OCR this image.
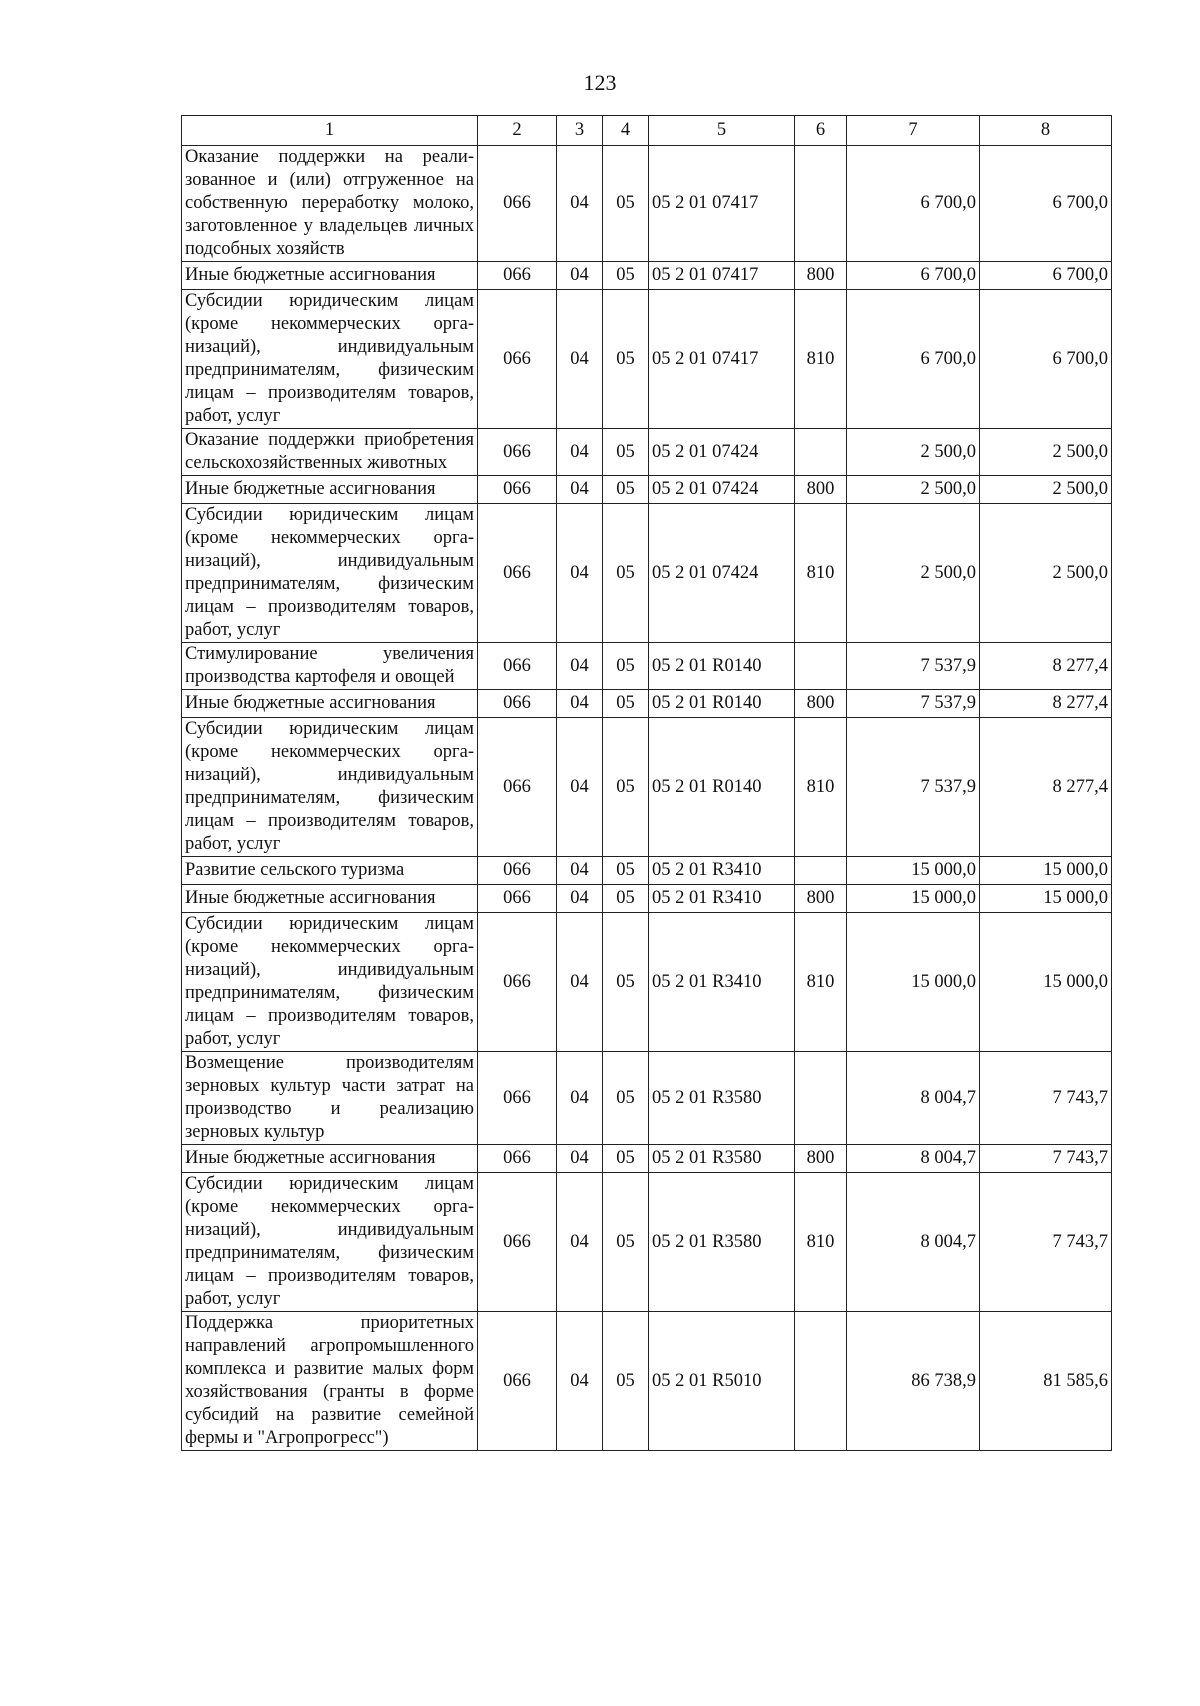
123
1	2	3	4	5	6	7	8
Оказание поддержки на реализованное и (или) отгруженное на собственную переработку молоко, заготовленное у владельцев личных подсобных хозяйств	066	04	05	05 2 01 07417		6 700,0	6 700,0
Иные бюджетные ассигнования	066	04	05	05 2 01 07417	800	6 700,0	6 700,0
Субсидии юридическим лицам (кроме некоммерческих организаций), индивидуальным предпринимателям, физическим лицам – производителям товаров, работ, услуг	066	04	05	05 2 01 07417	810	6 700,0	6 700,0
Оказание поддержки приобретения сельскохозяйственных животных	066	04	05	05 2 01 07424		2 500,0	2 500,0
Иные бюджетные ассигнования	066	04	05	05 2 01 07424	800	2 500,0	2 500,0
Субсидии юридическим лицам (кроме некоммерческих организаций), индивидуальным предпринимателям, физическим лицам – производителям товаров, работ, услуг	066	04	05	05 2 01 07424	810	2 500,0	2 500,0
Стимулирование увеличения производства картофеля и овощей	066	04	05	05 2 01 R0140		7 537,9	8 277,4
Иные бюджетные ассигнования	066	04	05	05 2 01 R0140	800	7 537,9	8 277,4
Субсидии юридическим лицам (кроме некоммерческих организаций), индивидуальным предпринимателям, физическим лицам – производителям товаров, работ, услуг	066	04	05	05 2 01 R0140	810	7 537,9	8 277,4
Развитие сельского туризма	066	04	05	05 2 01 R3410		15 000,0	15 000,0
Иные бюджетные ассигнования	066	04	05	05 2 01 R3410	800	15 000,0	15 000,0
Субсидии юридическим лицам (кроме некоммерческих организаций), индивидуальным предпринимателям, физическим лицам – производителям товаров, работ, услуг	066	04	05	05 2 01 R3410	810	15 000,0	15 000,0
Возмещение производителям зерновых культур части затрат на производство и реализацию зерновых культур	066	04	05	05 2 01 R3580		8 004,7	7 743,7
Иные бюджетные ассигнования	066	04	05	05 2 01 R3580	800	8 004,7	7 743,7
Субсидии юридическим лицам (кроме некоммерческих организаций), индивидуальным предпринимателям, физическим лицам – производителям товаров, работ, услуг	066	04	05	05 2 01 R3580	810	8 004,7	7 743,7
Поддержка приоритетных направлений агропромышленного комплекса и развитие малых форм хозяйствования (гранты в форме субсидий на развитие семейной фермы и "Агропрогресс")	066	04	05	05 2 01 R5010		86 738,9	81 585,6
